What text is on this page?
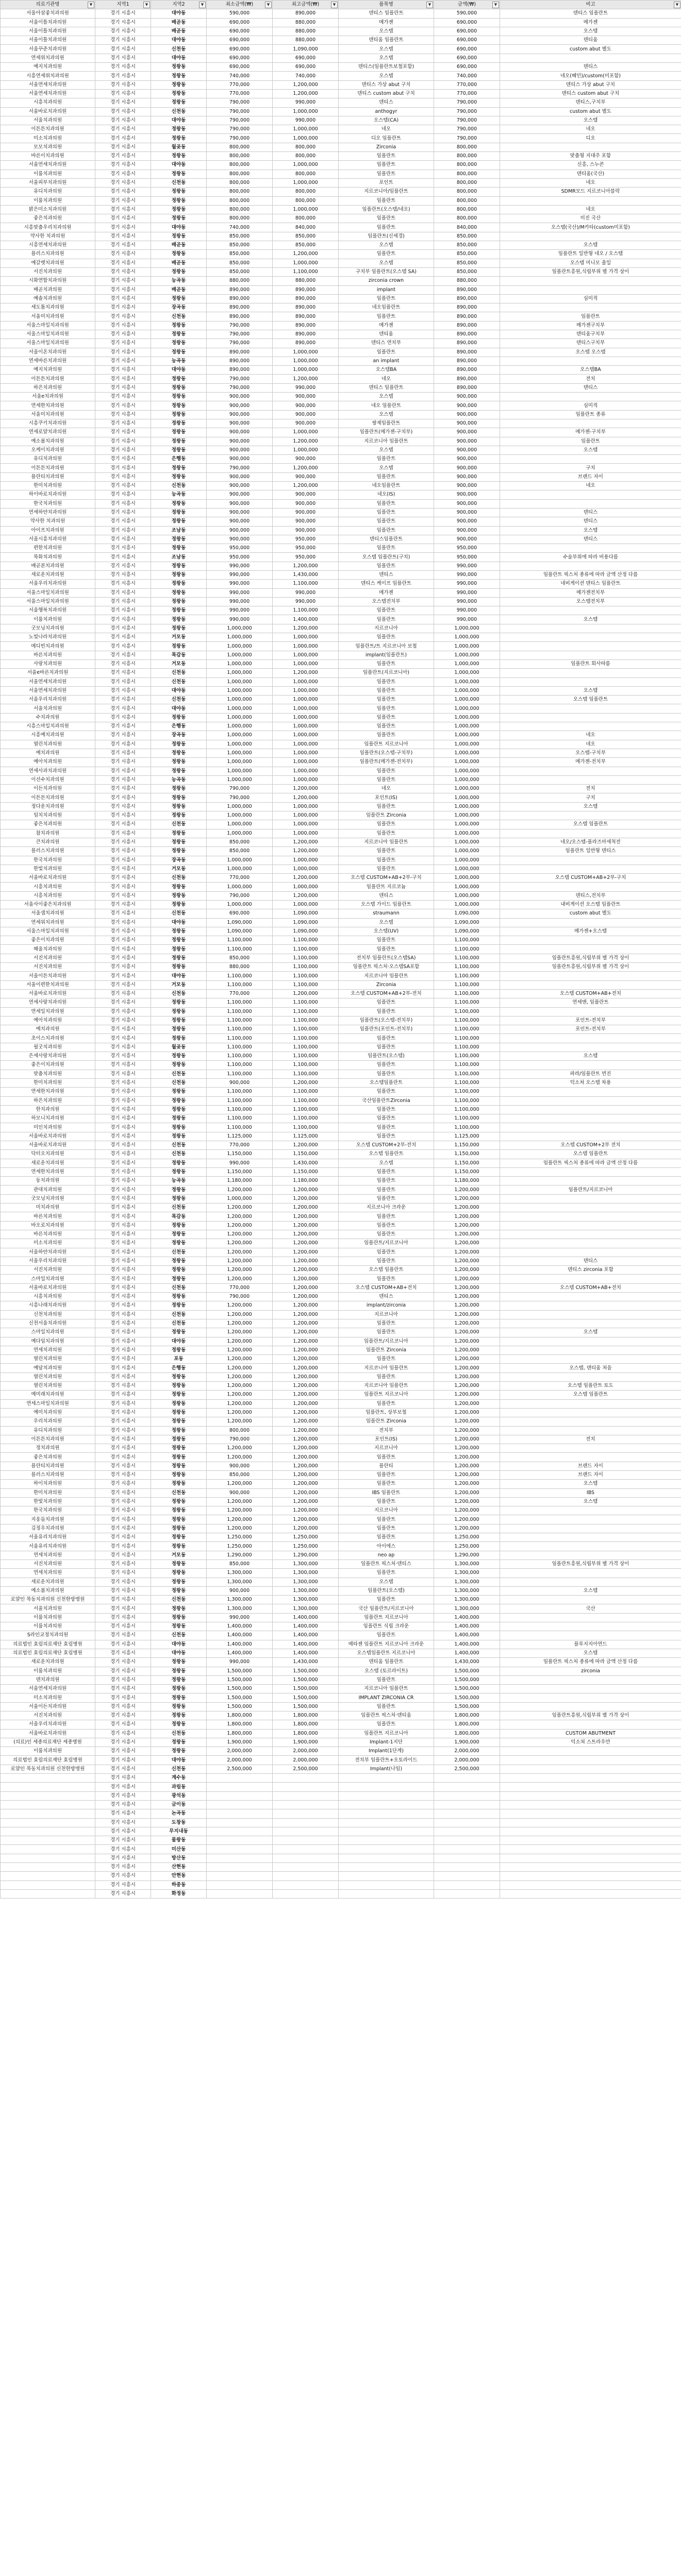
의료기관명 ▼	지역1 ▼	지역2 ▼	최소금액(₩) ▼	최고금액(₩) ▼	품목명 ▼	금액(₩) ▼	비고 ▼

서울아삼좋치과의원	경기 시흥시	대야동	590,000	890,000	덴티스 임플란트	590,000	덴티스 임플란트
서울이틀치과의원	경기 시흥시	배곧동	690,000	880,000	메가젠	690,000	메가젠
서울이틀치과의원	경기 시흥시	배곧동	690,000	880,000	오스템	690,000	오스템
서울이틀치과의원	경기 시흥시	대야동	690,000	880,000	덴티움 임플란트	690,000	덴티움
서울꾸준치과의원	경기 시흥시	신천동	690,000	1,090,000	오스템	690,000	custom abut 별도
연세위치과의원	경기 시흥시	대야동	690,000	690,000	오스템	690,000	
예지치과의원	경기 시흥시	정왕동	690,000	690,000	덴티스(임플란트보철포함)	690,000	덴티스
시흥연세위치과의원	경기 시흥시	정왕동	740,000	740,000	오스템	740,000	네오(혜민)/custom(미포함)
서울연세치과의원	경기 시흥시	정왕동	770,000	1,200,000	덴티스 가상 abut 구치	770,000	덴티스 가상 abut 구치
서울연세치과의원	경기 시흥시	정왕동	770,000	1,200,000	덴티스 custom abut 구치	770,000	덴티스 custom abut 구치
시흥치과의원	경기 시흥시	정왕동	790,000	990,000	덴티스	790,000	덴티스,구치부
서울바로치과의원	경기 시흥시	신천동	790,000	1,000,000	anthogyr	790,000	custom abut 별도
서울치과의원	경기 시흥시	대야동	790,000	990,000	오스템(CA)	790,000	오스템
이튼튼치과의원	경기 시흥시	정왕동	790,000	1,000,000	네오	790,000	네오
미소치과의원	경기 시흥시	정왕동	790,000	1,000,000	디오 임플란트	790,000	디오
모모치과의원	경기 시흥시	월곶동	800,000	800,000	Zirconia	800,000	
바른이치과의원	경기 시흥시	정왕동	800,000	800,000	임플란트	800,000	맞춤형 지대주 포함
서울연세치과의원	경기 시흥시	대야동	800,000	1,000,000	임플란트	800,000	신흥, 스누콘
이룸치과의원	경기 시흥시	정왕동	800,000	800,000	임플란트	800,000	덴티움(국산)
서울피부치과의원	경기 시흥시	신천동	800,000	1,000,000	포인트	800,000	네오
유디치과의원	경기 시흥시	정왕동	800,000	800,000	지르코니아/임플란트	800,000	SDMR모드 지르코니아블락
이룸치과의원	경기 시흥시	정왕동	800,000	800,000	임플란트	800,000	
밝은미소치과의원	경기 시흥시	정왕동	800,000	1,000,000	임플란트(오스템/네오)	800,000	네오
좋은치과의원	경기 시흥시	정왕동	800,000	800,000	임플란트	800,000	미진 국산
시흥맞춤우리치과의원	경기 시흥시	대야동	740,000	840,000	임플란트	840,000	오스템(국산)/M카타(custom미포함)
약사한 치과의원	경기 시흥시	정왕동	850,000	850,000	임플란트(신세경)	850,000	
시흥연세치과의원	경기 시흥시	배곧동	850,000	850,000	오스템	850,000	오스템
플러스치과의원	경기 시흥시	정왕동	850,000	1,200,000	임플란트	850,000	임플란트 일반형 네오 / 오스템
예갈렛치과의원	경기 시흥시	배곧동	850,000	1,000,000	오스템	850,000	오스템 미니모 출일
서진치과의원	경기 시흥시	정왕동	850,000	1,100,000	구치부 임플란트(오스템 SA)	850,000	임플란트흥원,식립부위 별 가격 상이
시화연합치과의원	경기 시흥시	능곡동	880,000	880,000	zirconia crown	880,000	
배곧치과의원	경기 시흥시	배곧동	890,000	890,000	implant	890,000	
예솔치과의원	경기 시흥시	정왕동	890,000	890,000	임플란트	890,000	심미적
세도톰치과의원	경기 시흥시	장곡동	890,000	890,000	네오임플란트	890,000	
서울미치과의원	경기 시흥시	신천동	890,000	890,000	임플란트	890,000	임플란트
서울스마일치과의원	경기 시흥시	정왕동	790,000	890,000	메가젠	890,000	메가젠구치부
서울스마일치과의원	경기 시흥시	정왕동	790,000	890,000	덴티움	890,000	덴티움구치부
서울스마일치과의원	경기 시흥시	정왕동	790,000	890,000	덴티스 연치부	890,000	덴티스구치부
서울이온치과의원	경기 시흥시	정왕동	890,000	1,000,000	임플란트	890,000	오스템 오스템
연세바른치과의원	경기 시흥시	능곡동	890,000	1,000,000	an implant	890,000	
예지치과의원	경기 시흥시	대야동	890,000	1,000,000	오스템BA	890,000	오스템BA
이튼튼치과의원	경기 시흥시	정왕동	790,000	1,200,000	네오	890,000	전치
하은치과의원	경기 시흥시	정왕동	790,000	990,000	덴티스 임플란트	890,000	덴티스
서울e치과의원	경기 시흥시	정왕동	900,000	900,000	오스템	900,000	
연세한치과의원	경기 시흥시	정왕동	900,000	900,000	네오 임플란트	900,000	심미적
서울미치과의원	경기 시흥시	정왕동	900,000	900,000	오스템	900,000	임플란트 종류
시흥쿠키치과의원	경기 시흥시	정왕동	900,000	900,000	쌍제임플란트	900,000	
연세로얄치과의원	경기 시흥시	정왕동	900,000	1,000,000	임플란트(메가젠-구치부)	900,000	메가젠-구치부
예소봄치과의원	경기 시흥시	정왕동	900,000	1,200,000	지르코니아 임플란트	900,000	임플란트
오케이치과의원	경기 시흥시	정왕동	900,000	1,000,000	오스템	900,000	오스템
유디치과의원	경기 시흥시	은행동	900,000	900,000	임플란트	900,000	
이튼튼치과의원	경기 시흥시	정왕동	790,000	1,200,000	오스템	900,000	구치
플란티치과의원	경기 시흥시	정왕동	900,000	900,000	임플란트	900,000	브랜드 자이
한미치과의원	경기 시흥시	신천동	900,000	1,200,000	네오임플란트	900,000	네오
하이바로치과의원	경기 시흥시	능곡동	900,000	900,000	네오(IS)	900,000	
한국치과의원	경기 시흥시	정왕동	900,000	900,000	임플란트	900,000	
연세하얀치과의원	경기 시흥시	정왕동	900,000	900,000	임플란트	900,000	덴티스
약사한 치과의원	경기 시흥시	정왕동	900,000	900,000	임플란트	900,000	덴티스
아이프치과의원	경기 시흥시	조남동	900,000	900,000	임플란트	900,000	오스템
서울시흥치과의원	경기 시흥시	정왕동	900,000	950,000	덴티스임플란트	900,000	덴티스
편한치과의원	경기 시흥시	정왕동	950,000	950,000	임플란트	950,000	
목화치과의원	경기 시흥시	조남동	950,000	950,000	오스템 임플란트(구치)	950,000	수술부위에 따라 비용다름
배곧본치과의원	경기 시흥시	정왕동	990,000	1,200,000	임플란트	990,000	
새로운치과의원	경기 시흥시	정왕동	990,000	1,430,000	덴티스	990,000	임플란트 픽스처 종류에 따라 금액 산정 다름
서울우리치과의원	경기 시흥시	정왕동	990,000	1,100,000	덴티스 케이프 임플란트	990,000	네비게이션 덴티스 임플란트
서울스마일치과의원	경기 시흥시	정왕동	990,000	990,000	메가젠	990,000	메가젠전치부
서울스마일치과의원	경기 시흥시	정왕동	990,000	990,000	오스템전치부	990,000	오스템전치부
서울행복치과의원	경기 시흥시	정왕동	990,000	1,100,000	임플란트	990,000	
이룸치과의원	경기 시흥시	정왕동	990,000	1,400,000	임플란트	990,000	오스템
굿모닝치과의원	경기 시흥시	정왕동	1,000,000	1,200,000	지르코니아	1,000,000	
노빛나라치과의원	경기 시흥시	거모동	1,000,000	1,000,000	임플란트	1,000,000	
메디빈치과의원	경기 시흥시	정왕동	1,000,000	1,000,000	임플란트/트 지르코니아 보철	1,000,000	
바른치과의원	경기 시흥시	목감동	1,000,000	1,000,000	implant(임플란트)	1,000,000	
사랑치과의원	경기 시흥시	거모동	1,000,000	1,000,000	임플란트	1,000,000	임플란트 회사따름
서울e바른치과의원	경기 시흥시	신천동	1,000,000	1,200,000	임플란트(지르코니아)	1,000,000	
서울연세치과의원	경기 시흥시	신천동	1,000,000	1,000,000	임플란트	1,000,000	
서울연세치과의원	경기 시흥시	대야동	1,000,000	1,000,000	임플란트	1,000,000	오스템
서울우리치과의원	경기 시흥시	신천동	1,000,000	1,000,000	임플란트	1,000,000	오스템 임플란트
서울치과의원	경기 시흥시	대야동	1,000,000	1,000,000	임플란트	1,000,000	
수치과의원	경기 시흥시	정왕동	1,000,000	1,000,000	임플란트	1,000,000	
시흥스마일치과의원	경기 시흥시	은행동	1,000,000	1,000,000	임플란트	1,000,000	
시흥예치과의원	경기 시흥시	장곡동	1,000,000	1,000,000	임플란트	1,000,000	네오
열린치과의원	경기 시흥시	정왕동	1,000,000	1,000,000	임플란트 지르코니아	1,000,000	네오
예치과의원	경기 시흥시	정왕동	1,000,000	1,000,000	임플란트(오스템-구치부)	1,000,000	오스템-구치부
예아치과의원	경기 시흥시	정왕동	1,000,000	1,000,000	임플란트(메가젠-전치부)	1,000,000	메가젠-전치부
연세사과치과의원	경기 시흥시	정왕동	1,000,000	1,000,000	임플란트	1,000,000	
이선수치과의원	경기 시흥시	능곡동	1,000,000	1,000,000	임플란트	1,000,000	
이든치과의원	경기 시흥시	정왕동	790,000	1,200,000	네오	1,000,000	전치
이튼튼치과의원	경기 시흥시	정왕동	790,000	1,200,000	포인트(IS)	1,000,000	구치
정다운치과의원	경기 시흥시	정왕동	1,000,000	1,000,000	임플란트	1,000,000	오스템
임치치과의원	경기 시흥시	정왕동	1,000,000	1,000,000	임플란트 Zirconia	1,000,000	
좋은치과의원	경기 시흥시	신천동	1,000,000	1,000,000	임플란트	1,000,000	오스템 임플란트
참치과의원	경기 시흥시	정왕동	1,000,000	1,000,000	임플란트	1,000,000	
큰치과의원	경기 시흥시	정왕동	850,000	1,200,000	지르코니아 임플란트	1,000,000	네오/오스템-플라즈마세척전
플러스치과의원	경기 시흥시	정왕동	850,000	1,200,000	임플란트	1,000,000	임플란트 일반형 덴티스
한국치과의원	경기 시흥시	장곡동	1,000,000	1,000,000	임플란트	1,000,000	
한빛치과의원	경기 시흥시	거모동	1,000,000	1,000,000	임플란트	1,000,000	
서울바로치과의원	경기 시흥시	신천동	770,000	1,200,000	오스템 CUSTOM+AB+2부-구치	1,000,000	오스템 CUSTOM+AB+2부-구치
시흥치과의원	경기 시흥시	정왕동	1,000,000	1,000,000	임플란트 지르코늄	1,000,000	
시흥치과의원	경기 시흥시	정왕동	790,000	1,200,000	덴티스	1,000,000	덴티스,전치부
서울사이좋은치과의원	경기 시흥시	정왕동	1,000,000	1,000,000	오스템 가이드 임플란트	1,000,000	내비게이션 오스템 임플란트
서울샘치과의원	경기 시흥시	신천동	690,000	1,090,000	straumann	1,090,000	custom abut 별도
연세위치과의원	경기 시흥시	대야동	1,090,000	1,090,000	오스템	1,090,000	
서울스마일치과의원	경기 시흥시	정왕동	1,090,000	1,090,000	오스템(UV)	1,090,000	메가젠+오스템
좋은이치과의원	경기 시흥시	정왕동	1,100,000	1,100,000	임플란트	1,100,000	
해울치과의원	경기 시흥시	정왕동	1,100,000	1,100,000	임플란트	1,100,000	
서진치과의원	경기 시흥시	정왕동	850,000	1,100,000	전치부 임플란트(오스템SA)	1,100,000	임플란트흥원,식립부위 별 가격 상이
서진치과의원	경기 시흥시	정왕동	880,000	1,100,000	임플란트 픽스처·오스템SA포함	1,100,000	임플란트흥원,식립부위 별 가격 상이
서울이튼치과의원	경기 시흥시	대야동	1,100,000	1,100,000	지르코니아 임플란트	1,100,000	
서울이편한치과의원	경기 시흥시	거모동	1,100,000	1,100,000	Zirconia	1,100,000	
서울바로치과의원	경기 시흥시	신천동	770,000	1,200,000	오스템 CUSTOM+AB+2부-전치	1,100,000	오스템 CUSTOM+AB+전치
연세사랑치과의원	경기 시흥시	정왕동	1,100,000	1,100,000	임플란트	1,100,000	연세앤, 임플란트
연세일치과의원	경기 시흥시	정왕동	1,100,000	1,100,000	임플란트	1,100,000	
예아치과의원	경기 시흥시	정왕동	1,100,000	1,100,000	임플란트(오스템-전치부)	1,100,000	포인트-전치부
예치과의원	경기 시흥시	정왕동	1,100,000	1,100,000	임플란트(포인트-전치부)	1,100,000	포인트-전치부
초이스치과의원	경기 시흥시	정왕동	1,100,000	1,100,000	임플란트	1,100,000	
필굿치과의원	경기 시흥시	월곶동	1,100,000	1,100,000	임플란트	1,100,000	
은세사랑치과의원	경기 시흥시	정왕동	1,100,000	1,100,000	임플란트(오스템)	1,100,000	오스템
좋은이치과의원	경기 시흥시	정왕동	1,100,000	1,100,000	임플란트	1,100,000	
맞춤치과의원	경기 시흥시	신천동	1,100,000	1,100,000	임플란트	1,100,000	파라/임플란트 면진
한미치과의원	경기 시흥시	신천동	900,000	1,200,000	오스템임플란트	1,100,000	덕소쳐 오스템 차용
연세한치과의원	경기 시흥시	정왕동	1,100,000	1,100,000	임플란트	1,100,000	
하은치과의원	경기 시흥시	정왕동	1,100,000	1,100,000	국산임플란트Zirconia	1,100,000	
한치과의원	경기 시흥시	정왕동	1,100,000	1,100,000	임플란트	1,100,000	
하모니치과의원	경기 시흥시	정왕동	1,100,000	1,100,000	임플란트	1,100,000	
미인치과의원	경기 시흥시	정왕동	1,100,000	1,100,000	임플란트	1,100,000	
서울바로치과의원	경기 시흥시	정왕동	1,125,000	1,125,000	임플란트	1,125,000	
서울바로치과의원	경기 시흥시	신천동	770,000	1,200,000	오스템 CUSTOM+2부-전치	1,150,000	오스템 CUSTOM+2부 전치
닥터오치과의원	경기 시흥시	신천동	1,150,000	1,150,000	오스템 임플란트	1,150,000	오스템 임플란트
새로운치과의원	경기 시흥시	정왕동	990,000	1,430,000	오스템	1,150,000	임플란트 픽스처 종류에 따라 금액 산정 다름
연세한치과의원	경기 시흥시	정왕동	1,150,000	1,150,000	임플란트	1,150,000	
동치과의원	경기 시흥시	능곡동	1,180,000	1,180,000	임플란트	1,180,000	
관대치과의원	경기 시흥시	정왕동	1,200,000	1,200,000	임플란트	1,200,000	임플란트/지르코니아
굿모닝치과의원	경기 시흥시	정왕동	1,000,000	1,200,000	임플란트	1,200,000	
미치과의원	경기 시흥시	신천동	1,200,000	1,200,000	지르코니아 크라운	1,200,000	
바른치과의원	경기 시흥시	목감동	1,200,000	1,200,000	임플란트	1,200,000	
바오로치과의원	경기 시흥시	정왕동	1,200,000	1,200,000	임플란트	1,200,000	
바른치과의원	경기 시흥시	정왕동	1,200,000	1,200,000	임플란트	1,200,000	
미소치과의원	경기 시흥시	정왕동	1,200,000	1,200,000	임플란트/지르코니아	1,200,000	
서울하얀치과의원	경기 시흥시	신천동	1,200,000	1,200,000	임플란트	1,200,000	
서울우리치과의원	경기 시흥시	정왕동	1,200,000	1,200,000	임플란트	1,200,000	덴티스
서진치과의원	경기 시흥시	정왕동	1,200,000	1,200,000	오스템 임플란트	1,200,000	덴티스 zirconia 포함
스마일치과의원	경기 시흥시	정왕동	1,200,000	1,200,000	임플란트	1,200,000	
서울바로치과의원	경기 시흥시	신천동	770,000	1,200,000	오스템 CUSTOM+AB+전치	1,200,000	오스템 CUSTOM+AB+전치
시흥치과의원	경기 시흥시	정왕동	790,000	1,200,000	덴티스	1,200,000	
시흥나래치과의원	경기 시흥시	정왕동	1,200,000	1,200,000	implant/zirconia	1,200,000	
신천치과의원	경기 시흥시	신천동	1,200,000	1,200,000	지르코니아	1,200,000	
신천서울치과의원	경기 시흥시	신천동	1,200,000	1,200,000	임플란트	1,200,000	
스마일치과의원	경기 시흥시	정왕동	1,200,000	1,200,000	임플란트	1,200,000	오스템
예다임치과의원	경기 시흥시	대야동	1,200,000	1,200,000	임플란트/지르코니아	1,200,000	
연세치과의원	경기 시흥시	정왕동	1,200,000	1,200,000	임플란트 Zirconia	1,200,000	
열린치과의원	경기 시흥시	포동	1,200,000	1,200,000	임플란트	1,200,000	
예담치과의원	경기 시흥시	은행동	1,200,000	1,200,000	지르코니아 임플란트	1,200,000	오스템, 덴티움 처음
열린치과의원	경기 시흥시	정왕동	1,200,000	1,200,000	임플란트	1,200,000	
열린치과의원	경기 시흥시	정왕동	1,200,000	1,200,000	지르코니아 임플란트	1,200,000	오스템 임플란트 토도
예미래치과의원	경기 시흥시	정왕동	1,200,000	1,200,000	임플란트 지르코니아	1,200,000	오스템 임플란트
연세스마일치과의원	경기 시흥시	정왕동	1,200,000	1,200,000	임플란트	1,200,000	
예미치과의원	경기 시흥시	정왕동	1,200,000	1,200,000	임플란트, 상부보철	1,200,000	
우리치과의원	경기 시흥시	정왕동	1,200,000	1,200,000	임플란트 Zirconia	1,200,000	
유디치과의원	경기 시흥시	정왕동	800,000	1,200,000	전치부	1,200,000	
이튼튼치과의원	경기 시흥시	정왕동	790,000	1,200,000	포인트(IS)	1,200,000	전치
정치과의원	경기 시흥시	정왕동	1,200,000	1,200,000	지르코니아	1,200,000	
좋은치과의원	경기 시흥시	정왕동	1,200,000	1,200,000	임플란트	1,200,000	
플란티치과의원	경기 시흥시	정왕동	900,000	1,200,000	플란티	1,200,000	브랜드 자이
플러스치과의원	경기 시흥시	정왕동	850,000	1,200,000	임플란트	1,200,000	브랜드 자이
하이치과의원	경기 시흥시	정왕동	1,200,000	1,200,000	임플란트	1,200,000	오스템
한미치과의원	경기 시흥시	신천동	900,000	1,200,000	IBS 임플란트	1,200,000	IBS
한빛치과의원	경기 시흥시	정왕동	1,200,000	1,200,000	임플란트	1,200,000	오스템
한국치과의원	경기 시흥시	정왕동	1,200,000	1,200,000	지르코니아	1,200,000	
지웅들치과의원	경기 시흥시	정왕동	1,200,000	1,200,000	임플란트	1,200,000	
김정우치과의원	경기 시흥시	정왕동	1,200,000	1,200,000	임플란트	1,200,000	
서울유리치과의원	경기 시흥시	정왕동	1,250,000	1,250,000	임플란트	1,250,000	
서울유리치과의원	경기 시흥시	정왕동	1,250,000	1,250,000	아이에스	1,250,000	
연세치과의원	경기 시흥시	거모동	1,290,000	1,290,000	neo ap	1,290,000	
서진치과의원	경기 시흥시	정왕동	850,000	1,300,000	임플란트 픽스처·덴티스	1,300,000	임플란트흥원,식립부위 별 가격 상이
연세치과의원	경기 시흥시	정왕동	1,300,000	1,300,000	임플란트	1,300,000	
새로운치과의원	경기 시흥시	정왕동	1,300,000	1,300,000	오스템	1,300,000	
예소봄치과의원	경기 시흥시	정왕동	900,000	1,300,000	임플란트(오스템)	1,300,000	오스템
로얄인 목동치과의원 신천한방병원	경기 시흥시	신천동	1,300,000	1,300,000	임플란트	1,300,000	
서울치과의원	경기 시흥시	정왕동	1,300,000	1,300,000	국산 임플란트/지르코니아	1,300,000	국산
이룸치과의원	경기 시흥시	정왕동	990,000	1,400,000	임플란트 지르코니아	1,400,000	
이룸치과의원	경기 시흥시	정왕동	1,400,000	1,400,000	임플란트 식립 크라운	1,400,000	
S라인교정치과의원	경기 시흥시	신천동	1,400,000	1,400,000	임플란트	1,400,000	
의료법인 효림의료재단 효림병원	경기 시흥시	대야동	1,400,000	1,400,000	메타젠 임플란트 지르코니아 크라운	1,400,000	플루지지아연드
의료법인 효림의료재단 효림병원	경기 시흥시	대야동	1,400,000	1,400,000	오스템임플란트 지르코니아	1,400,000	오스템
새로운치과의원	경기 시흥시	정왕동	990,000	1,430,000	덴티움 임플란트	1,430,000	임플란트 픽스처 종류에 따라 금액 산정 다름
이룸치과의원	경기 시흥시	정왕동	1,500,000	1,500,000	오스템 (토르라이트)	1,500,000	zirconia
덴치과의원	경기 시흥시	정왕동	1,500,000	1,500,000	임플란트	1,500,000	
서울연세치과의원	경기 시흥시	정왕동	1,500,000	1,500,000	지르코니아 임플란트	1,500,000	
미소치과의원	경기 시흥시	정왕동	1,500,000	1,500,000	IMPLANT ZIRCONIA CR	1,500,000	
서울이든치과의원	경기 시흥시	정왕동	1,500,000	1,500,000	임플란트	1,500,000	
서진치과의원	경기 시흥시	정왕동	1,800,000	1,800,000	임플란트 픽스처·덴티움	1,800,000	임플란트흥원,식립부위 별 가격 상이
서울우리치과의원	경기 시흥시	정왕동	1,800,000	1,800,000	임플란트	1,800,000	
서울바로치과의원	경기 시흥시	신천동	1,800,000	1,800,000	임플란트 지르코니아	1,800,000	CUSTOM ABUTMENT
(의료)인 세종의료재단 세종병원	경기 시흥시	정왕동	1,900,000	1,900,000	Implant-1지단	1,900,000	덕소쳐 스트라우만
이룸치과의원	경기 시흥시	정왕동	2,000,000	2,000,000	Implant(1단계)	2,000,000	
의료법인 효림의료재단 효림병원	경기 시흥시	대야동	2,000,000	2,000,000	전치부 임플란트+오토라이드	2,000,000	
로얄인 목동치과의원 신천한방병원	경기 시흥시	신천동	2,500,000	2,500,000	Implant(나임)	2,500,000	
	경기 시흥시	계수동					
	경기 시흥시	과림동					
	경기 시흥시	광석동					
	경기 시흥시	금이동					
	경기 시흥시	논곡동					
	경기 시흥시	도창동					
	경기 시흥시	무지내동					
	경기 시흥시	물왕동					
	경기 시흥시	미산동					
	경기 시흥시	방산동					
	경기 시흥시	산현동					
	경기 시흥시	안현동					
	경기 시흥시	하중동					
	경기 시흥시	화정동					
